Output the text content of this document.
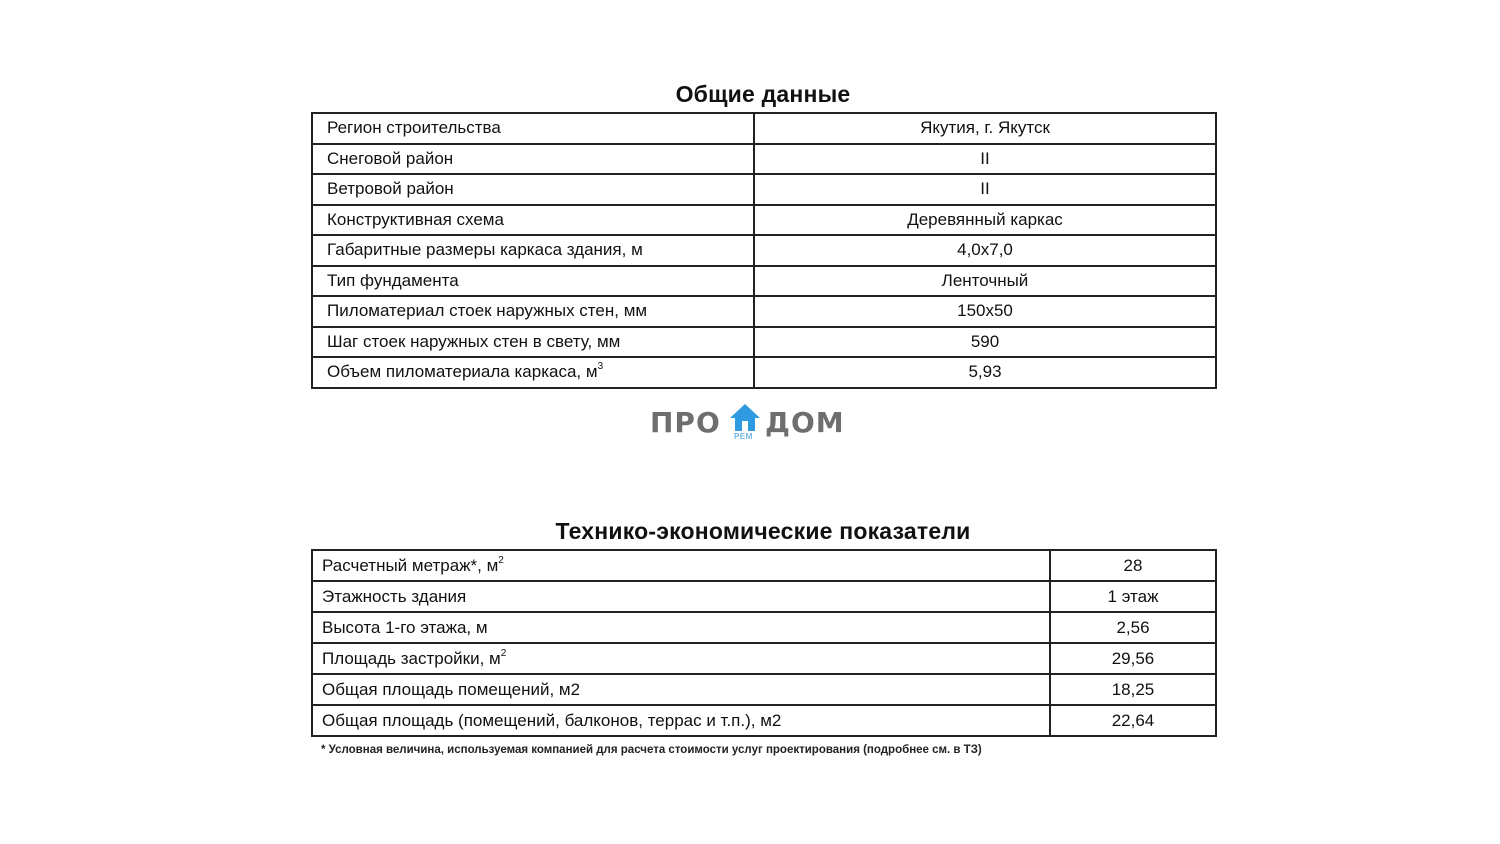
Общие данные
Регион строительства	Якутия, г. Якутск
Снеговой район	II
Ветровой район	II
Конструктивная схема	Деревянный каркас
Габаритные размеры каркаса здания, м	4,0х7,0
Тип фундамента	Ленточный
Пиломатериал стоек наружных стен, мм	150х50
Шаг стоек наружных стен в свету, мм	590
Объем пиломатериала каркаса, $м^3$	5,93
ПРО РЕМ ДОМ
Технико-экономические показатели
Расчетный метраж*, $м^2$	28
Этажность здания	1 этаж
Высота 1-го этажа, м	2,56
Площадь застройки, $м^2$	29,56
Общая площадь помещений, м2	18,25
Общая площадь (помещений, балконов, террас и т.п.), м2	22,64
* Условная величина, используемая компанией для расчета стоимости услуг проектирования (подробнее см. в ТЗ)
